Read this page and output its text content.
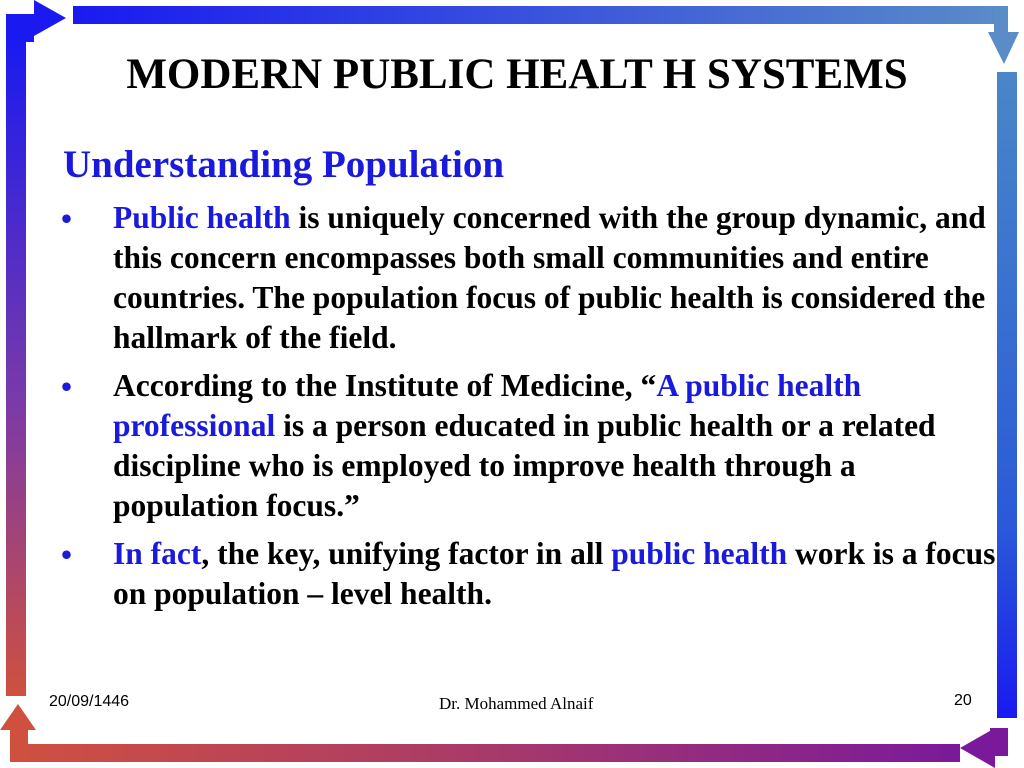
MODERN PUBLIC HEALT H SYSTEMS
Understanding Population
• Public health is uniquely concerned with the group dynamic, and this concern encompasses both small communities and entire countries. The population focus of public health is considered the hallmark of the field.
• According to the Institute of Medicine, “A public health professional is a person educated in public health or a related discipline who is employed to improve health through a population focus.”
• In fact, the key, unifying factor in all public health work is a focus on population – level health.
20/09/1446	Dr. Mohammed Alnaif	20
